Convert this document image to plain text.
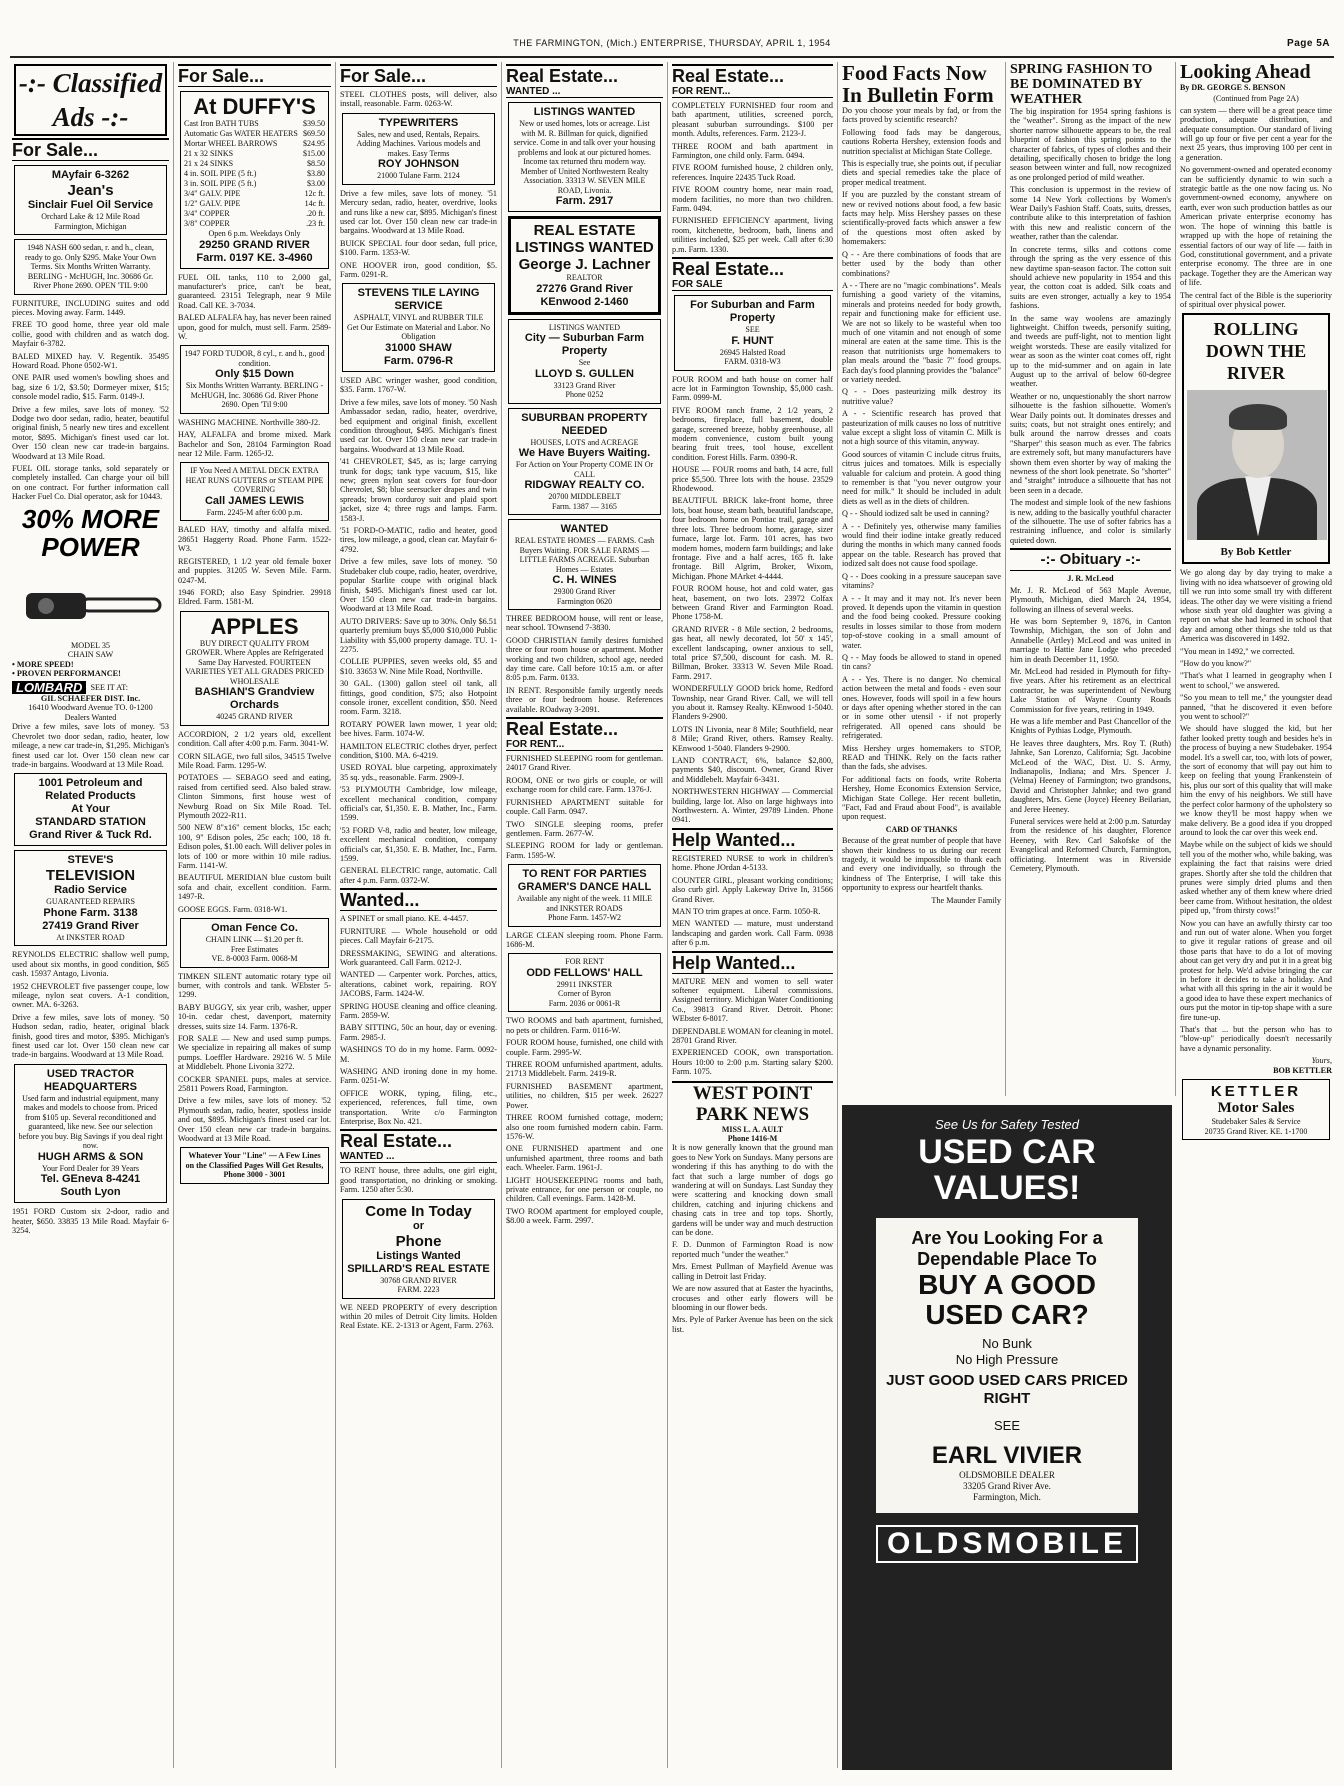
THE FARMINGTON, (Mich.) ENTERPRISE, THURSDAY, APRIL 1, 1954	Page 5A
-:- Classified Ads -:-
For Sale...
MAyfair 6-3262
Jean's
Sinclair Fuel Oil Service
Orchard Lake & 12 Mile Road
Farmington, Michigan
1948 NASH 600 sedan, r. and h., clean, ready to go. Only $295. Make Your Own Terms. Six Months Written Warranty. BERLING - McHUGH, Inc. 30686 Gr. River Phone 2690. OPEN 'TIL 9:00

FURNITURE, INCLUDING suites and odd pieces. Moving away. Farm. 1449.

FREE TO good home, three year old male collie, good with children and as watch dog. Mayfair 6-3782.

BALED MIXED hay. V. Regentik. 35495 Howard Road. Phone 0502-W1.

ONE PAIR used women's bowling shoes and bag, size 6 1/2, $3.50; Dormeyer mixer, $15; console model radio, $15. Farm. 0149-J.

Drive a few miles, save lots of money. '52 Dodge two door sedan, radio, heater, beautiful original finish, 5 nearly new tires and excellent motor, $895. Michigan's finest used car lot. Over 150 clean new car trade-in bargains. Woodward at 13 Mile Road.

FUEL OIL storage tanks, sold separately or completely installed. Can charge your oil bill on one contract. For further information call Hacker Fuel Co. Dial operator, ask for 10443.

30% MORE
POWER
MODEL 35
CHAIN SAW
• MORE SPEED!
• PROVEN PERFORMANCE!
LOMBARD SEE IT AT:
GIL SCHAEFER DIST. Inc.
16410 Woodward Avenue TO. 0-1200
Dealers Wanted

Drive a few miles, save lots of money. '53 Chevrolet two door sedan, radio, heater, low mileage, a new car trade-in, $1,295. Michigan's finest used car lot. Over 150 clean new car trade-in bargains. Woodward at 13 Mile Road.

1001 Petroleum and Related Products
At Your
STANDARD STATION
Grand River & Tuck Rd.
STEVE'S
TELEVISION
Radio Service
GUARANTEED REPAIRS
Phone Farm. 3138
27419 Grand River
At INKSTER ROAD

REYNOLDS ELECTRIC shallow well pump, used about six months, in good condition, $65 cash. 15937 Antago, Livonia.

1952 CHEVROLET five passenger coupe, low mileage, nylon seat covers. A-1 condition, owner. MA. 6-3263.

Drive a few miles, save lots of money. '50 Hudson sedan, radio, heater, original black finish, good tires and motor, $395. Michigan's finest used car lot. Over 150 clean new car trade-in bargains. Woodward at 13 Mile Road.

USED TRACTOR HEADQUARTERS
Used farm and industrial equipment, many makes and models to choose from. Priced from $105 up. Several reconditioned and guaranteed, like new. See our selection before you buy. Big Savings if you deal right now.
HUGH ARMS & SON
Your Ford Dealer for 39 Years
Tel. GEneva 8-4241
South Lyon

1951 FORD Custom six 2-door, radio and heater, $650. 33835 13 Mile Road. Mayfair 6-3254.

For Sale...
At DUFFY'S
Cast Iron BATH TUBS	$39.50
Automatic Gas WATER HEATERS	$69.50
Mortar WHEEL BARROWS	$24.95
21 x 32 SINKS	$15.00
21 x 24 SINKS	$8.50
4 in. SOIL PIPE (5 ft.)	$3.80
3 in. SOIL PIPE (5 ft.)	$3.00
3/4" GALV. PIPE	12c ft.
1/2" GALV. PIPE	14c ft.
3/4" COPPER	.20 ft.
3/8" COPPER	.23 ft.
Open 6 p.m. Weekdays Only
29250 GRAND RIVER
Farm. 0197 KE. 3-4960

FUEL OIL tanks, 110 to 2,000 gal, manufacturer's price, can't be beat, guaranteed. 23151 Telegraph, near 9 Mile Road. Call KE. 3-7034.

BALED ALFALFA hay, has never been rained upon, good for mulch, must sell. Farm. 2589-W.

1947 FORD TUDOR, 8 cyl., r. and h., good condition.
Only $15 Down
Six Months Written Warranty. BERLING - McHUGH, Inc. 30686 Gd. River Phone 2690. Open 'Til 9:00

WASHING MACHINE. Northville 380-J2.

HAY, ALFALFA and brome mixed. Mark Bachelor and Son, 28104 Farmington Road near 12 Mile. Farm. 1265-J2.

IF You Need A METAL DECK EXTRA HEAT RUNS GUTTERS or STEAM PIPE COVERING
Call JAMES LEWIS
Farm. 2245-M after 6:00 p.m.

BALED HAY, timothy and alfalfa mixed. 28651 Haggerty Road. Phone Farm. 1522-W3.

REGISTERED, 1 1/2 year old female boxer and puppies. 31205 W. Seven Mile. Farm. 0247-M.

1946 FORD; also Easy Spindrier. 29918 Eldred. Farm. 1581-M.

APPLES
BUY DIRECT QUALITY FROM GROWER. Where Apples are Refrigerated Same Day Harvested. FOURTEEN VARIETIES YET ALL GRADES PRICED WHOLESALE
BASHIAN'S Grandview Orchards
40245 GRAND RIVER

ACCORDION, 2 1/2 years old, excellent condition. Call after 4:00 p.m. Farm. 3041-W.

CORN SILAGE, two full silos, 34515 Twelve Mile Road. Farm. 1295-W.

POTATOES — SEBAGO seed and eating, raised from certified seed. Also baled straw. Clinton Simmons, first house west of Newburg Road on Six Mile Road. Tel. Plymouth 2022-R11.

500 NEW 8"x16" cement blocks, 15c each; 100, 9" Edison poles, 25c each; 100, 18 ft. Edison poles, $1.00 each. Will deliver poles in lots of 100 or more within 10 mile radius. Farm. 1141-W.

BEAUTIFUL MERIDIAN blue custom built sofa and chair, excellent condition. Farm. 1497-R.

GOOSE EGGS. Farm. 0318-W1.

Oman Fence Co.
CHAIN LINK — $1.20 per ft.
Free Estimates
VE. 8-0003 Farm. 0068-M

TIMKEN SILENT automatic rotary type oil burner, with controls and tank. WEbster 5-1299.

BABY BUGGY, six year crib, washer, upper 10-in. cedar chest, davenport, maternity dresses, suits size 14. Farm. 1376-R.

FOR SALE — New and used sump pumps. We specialize in repairing all makes of sump pumps. Loeffler Hardware. 29216 W. 5 Mile at Middlebelt. Phone Livonia 3272.

COCKER SPANIEL pups, males at service. 25811 Powers Road, Farmington.

Drive a few miles, save lots of money. '52 Plymouth sedan, radio, heater, spotless inside and out, $895. Michigan's finest used car lot. Over 150 clean new car trade-in bargains. Woodward at 13 Mile Road.

Whatever Your "Line" — A Few Lines on the Classified Pages Will Get Results, Phone 3000 - 3001
For Sale...

STEEL CLOTHES posts, will deliver, also install, reasonable. Farm. 0263-W.

TYPEWRITERS
Sales, new and used, Rentals, Repairs. Adding Machines. Various models and makes. Easy Terms
ROY JOHNSON
21000 Tulane Farm. 2124

Drive a few miles, save lots of money. '51 Mercury sedan, radio, heater, overdrive, looks and runs like a new car, $895. Michigan's finest used car lot. Over 150 clean new car trade-in bargains. Woodward at 13 Mile Road.

BUICK SPECIAL four door sedan, full price, $100. Farm. 1353-W.

ONE HOOVER iron, good condition, $5. Farm. 0291-R.

STEVENS TILE LAYING SERVICE
ASPHALT, VINYL and RUBBER TILE
Get Our Estimate on Material and Labor. No Obligation
31000 SHAW
Farm. 0796-R

USED ABC wringer washer, good condition, $35. Farm. 1767-W.

Drive a few miles, save lots of money. '50 Nash Ambassador sedan, radio, heater, overdrive, bed equipment and original finish, excellent condition throughout, $495. Michigan's finest used car lot. Over 150 clean new car trade-in bargains. Woodward at 13 Mile Road.

'41 CHEVROLET, $45, as is; large carrying trunk for dogs; tank type vacuum, $15, like new; green nylon seat covers for four-door Chevrolet, $8; blue seersucker drapes and twin spreads; brown corduroy suit and plaid sport jacket, size 4; three rugs and lamps. Farm. 1583-J.

'51 FORD-O-MATIC, radio and heater, good tires, low mileage, a good, clean car. Mayfair 6-4792.

Drive a few miles, save lots of money. '50 Studebaker club coupe, radio, heater, overdrive, popular Starlite coupe with original black finish, $495. Michigan's finest used car lot. Over 150 clean new car trade-in bargains. Woodward at 13 Mile Road.

AUTO DRIVERS: Save up to 30%. Only $6.51 quarterly premium buys $5,000 $10,000 Public Liability with $5,000 property damage. TU. 1-2275.

COLLIE PUPPIES, seven weeks old, $5 and $10. 33653 W. Nine Mile Road, Northville.

30 GAL. (1300) gallon steel oil tank, all fittings, good condition, $75; also Hotpoint console ironer, excellent condition, $50. Need room. Farm. 3218.

ROTARY POWER lawn mower, 1 year old; bee hives. Farm. 1074-W.

HAMILTON ELECTRIC clothes dryer, perfect condition, $100. MA. 6-4219.

USED ROYAL blue carpeting, approximately 35 sq. yds., reasonable. Farm. 2909-J.

'53 PLYMOUTH Cambridge, low mileage, excellent mechanical condition, company official's car, $1,350. E. B. Mather, Inc., Farm. 1599.

'53 FORD V-8, radio and heater, low mileage, excellent mechanical condition, company official's car, $1,350. E. B. Mather, Inc., Farm. 1599.

GENERAL ELECTRIC range, automatic. Call after 4 p.m. Farm. 0372-W.

Wanted...

A SPINET or small piano. KE. 4-4457.

FURNITURE — Whole household or odd pieces. Call Mayfair 6-2175.

DRESSMAKING, SEWING and alterations. Work guaranteed. Call Farm. 0212-J.

WANTED — Carpenter work. Porches, attics, alterations, cabinet work, repairing. ROY JACOBS, Farm. 1424-W.

SPRING HOUSE cleaning and office cleaning. Farm. 2859-W.

BABY SITTING, 50c an hour, day or evening. Farm. 2985-J.

WASHINGS TO do in my home. Farm. 0092-M.

WASHING AND ironing done in my home. Farm. 0251-W.

OFFICE WORK, typing, filing, etc., experienced, references, full time, own transportation. Write c/o Farmington Enterprise, Box No. 421.

Real Estate...
WANTED ...

TO RENT house, three adults, one girl eight, good transportation, no drinking or smoking. Farm. 1250 after 5:30.

Come In Today
or
Phone
Listings Wanted
SPILLARD'S REAL ESTATE
30768 GRAND RIVER
FARM. 2223

WE NEED PROPERTY of every description within 20 miles of Detroit City limits. Holden Real Estate. KE. 2-1313 or Agent, Farm. 2763.

Real Estate...
WANTED ...
LISTINGS WANTED
New or used homes, lots or acreage. List with M. R. Billman for quick, dignified service. Come in and talk over your housing problems and look at our pictured homes. Income tax returned thru modern way. Member of United Northwestern Realty Association. 33313 W. SEVEN MILE ROAD, Livonia.
Farm. 2917
REAL ESTATE LISTINGS WANTED
George J. Lachner
REALTOR
27276 Grand River
KEnwood 2-1460
LISTINGS WANTED
City — Suburban Farm Property
See
LLOYD S. GULLEN
33123 Grand River
Phone 0252
SUBURBAN PROPERTY NEEDED
HOUSES, LOTS and ACREAGE
We Have Buyers Waiting.
For Action on Your Property COME IN Or CALL
RIDGWAY REALTY CO.
20700 MIDDLEBELT
Farm. 1387 — 3165
WANTED
REAL ESTATE HOMES — FARMS. Cash Buyers Waiting. FOR SALE FARMS — LITTLE FARMS ACREAGE. Suburban Homes — Estates
C. H. WINES
29300 Grand River
Farmington 0620

THREE BEDROOM house, will rent or lease, near school. TOwnsend 7-3830.

GOOD CHRISTIAN family desires furnished three or four room house or apartment. Mother working and two children, school age, needed day time care. Call before 10:15 a.m. or after 8:05 p.m. Farm. 0133.

IN RENT. Responsible family urgently needs three or four bedroom house. References available. ROadway 3-2091.

Real Estate...
FOR RENT...

FURNISHED SLEEPING room for gentleman. 24017 Grand River.

ROOM, ONE or two girls or couple, or will exchange room for child care. Farm. 1376-J.

FURNISHED APARTMENT suitable for couple. Call Farm. 0947.

TWO SINGLE sleeping rooms, prefer gentlemen. Farm. 2677-W.

SLEEPING ROOM for lady or gentleman. Farm. 1595-W.

TO RENT FOR PARTIES GRAMER'S DANCE HALL
Available any night of the week. 11 MILE and INKSTER ROADS
Phone Farm. 1457-W2

LARGE CLEAN sleeping room. Phone Farm. 1686-M.

FOR RENT
ODD FELLOWS' HALL
29911 INKSTER
Corner of Byron
Farm. 2036 or 0061-R

TWO ROOMS and bath apartment, furnished, no pets or children. Farm. 0116-W.

FOUR ROOM house, furnished, one child with couple. Farm. 2995-W.

THREE ROOM unfurnished apartment, adults. 21713 Middlebelt. Farm. 2419-R.

FURNISHED BASEMENT apartment, utilities, no children, $15 per week. 26227 Power.

THREE ROOM furnished cottage, modern; also one room furnished modern cabin. Farm. 1576-W.

ONE FURNISHED apartment and one unfurnished apartment, three rooms and bath each. Wheeler. Farm. 1961-J.

LIGHT HOUSEKEEPING rooms and bath, private entrance, for one person or couple, no children. Call evenings. Farm. 1428-M.

TWO ROOM apartment for employed couple, $8.00 a week. Farm. 2997.

Real Estate...
FOR RENT...

COMPLETELY FURNISHED four room and bath apartment, utilities, screened porch, pleasant suburban surroundings. $100 per month. Adults, references. Farm. 2123-J.

THREE ROOM and bath apartment in Farmington, one child only. Farm. 0494.

FIVE ROOM furnished house, 2 children only, references. Inquire 22435 Tuck Road.

FIVE ROOM country home, near main road, modern facilities, no more than two children. Farm. 0494.

FURNISHED EFFICIENCY apartment, living room, kitchenette, bedroom, bath, linens and utilities included, $25 per week. Call after 6:30 p.m. Farm. 1330.

Real Estate...
FOR SALE
For Suburban and Farm Property
SEE
F. HUNT
26945 Halsted Road
FARM. 0318-W3

FOUR ROOM and bath house on corner half acre lot in Farmington Township, $5,000 cash. Farm. 0999-M.

FIVE ROOM ranch frame, 2 1/2 years, 2 bedrooms, fireplace, full basement, double garage, screened breeze, hobby greenhouse, all modern convenience, custom built young bearing fruit trees, tool house, excellent condition. Forest Hills. Farm. 0390-R.

HOUSE — FOUR rooms and bath, 14 acre, full price $5,500. Three lots with the house. 23529 Rhodewood.

BEAUTIFUL BRICK lake-front home, three lots, boat house, steam bath, beautiful landscape, four bedroom home on Pontiac trail, garage and three lots. Three bedroom home, garage, sizer furnace, large lot. Farm. 101 acres, has two modern homes, modern farm buildings; and lake frontage. Five and a half acres, 165 ft. lake frontage. Bill Algrim, Broker, Wixom, Michigan. Phone MArket 4-4444.

FOUR ROOM house, hot and cold water, gas heat, basement, on two lots. 23972 Colfax between Grand River and Farmington Road. Phone 1758-M.

GRAND RIVER - 8 Mile section, 2 bedrooms, gas heat, all newly decorated, lot 50' x 145', excellent landscaping, owner anxious to sell, total price $7,500, discount for cash. M. R. Billman, Broker. 33313 W. Seven Mile Road. Farm. 2917.

WONDERFULLY GOOD brick home, Redford Township, near Grand River. Call, we will tell you about it. Ramsey Realty. KEnwood 1-5040. Flanders 9-2900.

LOTS IN Livonia, near 8 Mile; Southfield, near 8 Mile; Grand River, others. Ramsey Realty. KEnwood 1-5040. Flanders 9-2900.

LAND CONTRACT, 6%, balance $2,800, payments $40, discount. Owner, Grand River and Middlebelt. Mayfair 6-3431.

NORTHWESTERN HIGHWAY — Commercial building, large lot. Also on large highways into Northwestern. A. Winter, 29789 Linden. Phone 0941.

Help Wanted...

REGISTERED NURSE to work in children's home. Phone JOrdan 4-5133.

COUNTER GIRL, pleasant working conditions; also curb girl. Apply Lakeway Drive In, 31566 Grand River.

MAN TO trim grapes at once. Farm. 1050-R.

MEN WANTED — mature, must understand landscaping and garden work. Call Farm. 0938 after 6 p.m.

Help Wanted...

MATURE MEN and women to sell water softener equipment. Liberal commissions. Assigned territory. Michigan Water Conditioning Co., 39813 Grand River. Detroit. Phone: WEbster 6-8017.

DEPENDABLE WOMAN for cleaning in motel. 28701 Grand River.

EXPERIENCED COOK, own transportation. Hours 10:00 to 2:00 p.m. Starting salary $200. Farm. 1075.

WEST POINT PARK NEWS
MISS L. A. AULT
Phone 1416-M

It is now generally known that the ground man goes to New York on Sundays. Many persons are wondering if this has anything to do with the fact that such a large number of dogs go wandering at will on Sundays. Last Sunday they were scattering and knocking down small children, catching and injuring chickens and chasing cats in tree and top tops. Shortly, gardens will be under way and much destruction can be done.

F. D. Dunmon of Farmington Road is now reported much "under the weather."

Mrs. Ernest Pullman of Mayfield Avenue was calling in Detroit last Friday.

We are now assured that at Easter the hyacinths, crocuses and other early flowers will be blooming in our flower beds.

Mrs. Pyle of Parker Avenue has been on the sick list.

Food Facts Now In Bulletin Form

Do you choose your meals by fad, or from the facts proved by scientific research?

Following food fads may be dangerous, cautions Roberta Hershey, extension foods and nutrition specialist at Michigan State College.

This is especially true, she points out, if peculiar diets and special remedies take the place of proper medical treatment.

If you are puzzled by the constant stream of new or revived notions about food, a few basic facts may help. Miss Hershey passes on these scientifically-proved facts which answer a few of the questions most often asked by homemakers:

Q - - Are there combinations of foods that are better used by the body than other combinations?

A - - There are no "magic combinations". Meals furnishing a good variety of the vitamins, minerals and proteins needed for body growth, repair and functioning make for efficient use. We are not so likely to be wasteful when too much of one vitamin and not enough of some mineral are eaten at the same time. This is the reason that nutritionists urge homemakers to plan meals around the "basic 7" food groups. Each day's food planning provides the "balance" or variety needed.

Q - - Does pasteurizing milk destroy its nutritive value?

A - - Scientific research has proved that pasteurization of milk causes no loss of nutritive value except a slight loss of vitamin C. Milk is not a high source of this vitamin, anyway.

Good sources of vitamin C include citrus fruits, citrus juices and tomatoes. Milk is especially valuable for calcium and protein. A good thing to remember is that "you never outgrow your need for milk." It should be included in adult diets as well as in the diets of children.

Q - - Should iodized salt be used in canning?

A - - Definitely yes, otherwise many families would find their iodine intake greatly reduced during the months in which many canned foods appear on the table. Research has proved that iodized salt does not cause food spoilage.

Q - - Does cooking in a pressure saucepan save vitamins?

A - - It may and it may not. It's never been proved. It depends upon the vitamin in question and the food being cooked. Pressure cooking results in losses similar to those from modern top-of-stove cooking in a small amount of water.

Q - - May foods be allowed to stand in opened tin cans?

A - - Yes. There is no danger. No chemical action between the metal and foods - even sour ones. However, foods will spoil in a few hours or days after opening whether stored in the can or in some other utensil - if not properly refrigerated. All opened cans should be refrigerated.

Miss Hershey urges homemakers to STOP, READ and THINK. Rely on the facts rather than the fads, she advises.

For additional facts on foods, write Roberta Hershey, Home Economics Extension Service, Michigan State College. Her recent bulletin, "Fact, Fad and Fraud about Food", is available upon request.

CARD OF THANKS

Because of the great number of people that have shown their kindness to us during our recent tragedy, it would be impossible to thank each and every one individually, so through the kindness of The Enterprise, I will take this opportunity to express our heartfelt thanks.

The Maunder Family

SPRING FASHION TO BE DOMINATED BY WEATHER

The big inspiration for 1954 spring fashions is the "weather". Strong as the impact of the new shorter narrow silhouette appears to be, the real blueprint of fashion this spring points to the character of fabrics, of types of clothes and their detailing, specifically chosen to bridge the long season between winter and full, now recognized as one prolonged period of mild weather.

This conclusion is uppermost in the review of some 14 New York collections by Women's Wear Daily's Fashion Staff. Coats, suits, dresses, contribute alike to this interpretation of fashion with this new and realistic concern of the weather, rather than the calendar.

In concrete terms, silks and cottons come through the spring as the very essence of this new daytime span-season factor. The cotton suit should achieve new popularity in 1954 and this year, the cotton coat is added. Silk coats and suits are even stronger, actually a key to 1954 fashions.

In the same way woolens are amazingly lightweight. Chiffon tweeds, personify suiting, and tweeds are puff-light, not to mention light weight worsteds. These are easily vitalized for wear as soon as the winter coat comes off, right up to the mid-summer and on again in late August up to the arrival of below 60-degree weather.

Weather or no, unquestionably the short narrow silhouette is the fashion silhouette. Women's Wear Daily points out. It dominates dresses and suits; coats, but not straight ones entirely; and bulk around the narrow dresses and coats "Sharper" this season much as ever. The fabrics are extremely soft, but many manufacturers have shown them even shorter by way of making the newness of the short look penetrate. So "shorter" and "straight" introduce a silhouette that has not been seen in a decade.

The modest and simple look of the new fashions is new, adding to the basically youthful character of the silhouette. The use of softer fabrics has a restraining influence, and color is similarly quieted down.

-:- Obituary -:-
J. R. McLeod

Mr. J. R. McLeod of 563 Maple Avenue, Plymouth, Michigan, died March 24, 1954, following an illness of several weeks.

He was born September 9, 1876, in Canton Township, Michigan, the son of John and Annabelle (Artley) McLeod and was united in marriage to Hattie Jane Lodge who preceded him in death December 11, 1950.

Mr. McLeod had resided in Plymouth for fifty-five years. After his retirement as an electrical contractor, he was superintendent of Newburg Lake Station of Wayne County Roads Commission for five years, retiring in 1949.

He was a life member and Past Chancellor of the Knights of Pythias Lodge, Plymouth.

He leaves three daughters, Mrs. Roy T. (Ruth) Jahnke, San Lorenzo, California; Sgt. Jacobine McLeod of the WAC, Dist. U. S. Army, Indianapolis, Indiana; and Mrs. Spencer J. (Velma) Heeney of Farmington; two grandsons, David and Christopher Jahnke; and two grand daughters, Mrs. Gene (Joyce) Heeney Beilarian, and Jeree Heeney.

Funeral services were held at 2:00 p.m. Saturday from the residence of his daughter, Florence Heeney, with Rev. Carl Sakofske of the Evangelical and Reformed Church, Farmington, officiating. Interment was in Riverside Cemetery, Plymouth.

See Us for Safety Tested
USED CAR VALUES!
Are You Looking For a Dependable Place To
BUY A GOOD USED CAR?
No Bunk
No High Pressure
JUST GOOD USED CARS PRICED RIGHT
SEE
EARL VIVIER
OLDSMOBILE DEALER
33205 Grand River Ave.
Farmington, Mich.
OLDSMOBILE
Looking Ahead
By DR. GEORGE S. BENSON
(Continued from Page 2A)

can system — there will be a great peace time production, adequate distribution, and adequate consumption. Our standard of living will go up four or five per cent a year for the next 25 years, thus improving 100 per cent in a generation.

No government-owned and operated economy can be sufficiently dynamic to win such a strategic battle as the one now facing us. No government-owned economy, anywhere on earth, ever won such production battles as our American private enterprise economy has won. The hope of winning this battle is wrapped up with the hope of retaining the essential factors of our way of life — faith in God, constitutional government, and a private enterprise economy. The three are in one package. Together they are the American way of life.

The central fact of the Bible is the superiority of spiritual over physical power.

ROLLING DOWN THE RIVER
By Bob Kettler

We go along day by day trying to make a living with no idea whatsoever of growing old till we run into some small try with different ideas. The other day we were visiting a friend whose sixth year old daughter was giving a report on what she had learned in school that day and among other things she told us that America was discovered in 1492.

"You mean in 1492," we corrected.

"How do you know?"

"That's what I learned in geography when I went to school," we answered.

"So you mean to tell me," the youngster dead panned, "that he discovered it even before you went to school?"

We should have slugged the kid, but her father looked pretty tough and besides he's in the process of buying a new Studebaker. 1954 model. It's a swell car, too, with lots of power, the sort of economy that will pay out him to keep on feeling that young Frankenstein of his, plus our sort of this quality that will make him the envy of his neighbors. We still have the perfect color harmony of the upholstery so we know they'll be most happy when we make delivery. Be a good idea if you dropped around to look the car over this week end.

Maybe while on the subject of kids we should tell you of the mother who, while baking, was explaining the fact that raisins were dried grapes. Shortly after she told the children that prunes were simply dried plums and then asked whether any of them knew where dried beer came from. Without hesitation, the oldest piped up, "from thirsty cows!"

Now you can have an awfully thirsty car too and run out of water alone. When you forget to give it regular rations of grease and oil those parts that have to do a lot of moving about can get very dry and put it in a great big protest for help. We'd advise bringing the car in before it decides to take a holiday. And what with all this spring in the air it would be a good idea to have these expert mechanics of ours put the motor in tip-top shape with a sure fire tune-up.

That's that ... but the person who has to "blow-up" periodically doesn't necessarily have a dynamic personality.

Yours,
BOB KETTLER
KETTLER
Motor Sales
Studebaker Sales & Service
20735 Grand River. KE. 1-1700
